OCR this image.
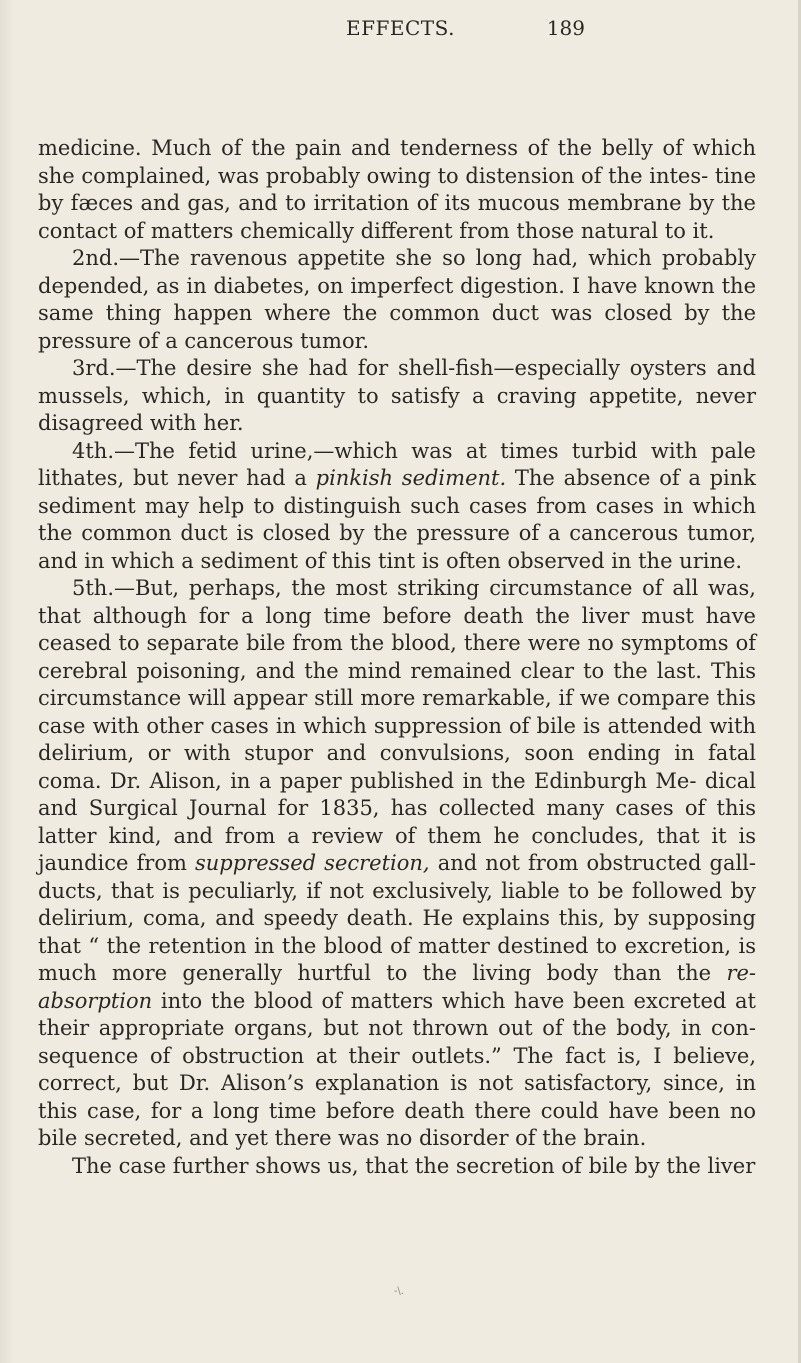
EFFECTS.	189

medicine. Much of the pain and tenderness of the belly of which she complained, was probably owing to distension of the intes- tine by fæces and gas, and to irritation of its mucous membrane by the contact of matters chemically different from those natural to it.

2nd.—The ravenous appetite she so long had, which probably depended, as in diabetes, on imperfect digestion. I have known the same thing happen where the common duct was closed by the pressure of a cancerous tumor.

3rd.—The desire she had for shell-fish—especially oysters and mussels, which, in quantity to satisfy a craving appetite, never disagreed with her.

4th.—The fetid urine,—which was at times turbid with pale lithates, but never had a pinkish sediment. The absence of a pink sediment may help to distinguish such cases from cases in which the common duct is closed by the pressure of a cancerous tumor, and in which a sediment of this tint is often observed in the urine.

5th.—But, perhaps, the most striking circumstance of all was, that although for a long time before death the liver must have ceased to separate bile from the blood, there were no symptoms of cerebral poisoning, and the mind remained clear to the last. This circumstance will appear still more remarkable, if we compare this case with other cases in which suppression of bile is attended with delirium, or with stupor and convulsions, soon ending in fatal coma. Dr. Alison, in a paper published in the Edinburgh Me- dical and Surgical Journal for 1835, has collected many cases of this latter kind, and from a review of them he concludes, that it is jaundice from suppressed secretion, and not from obstructed gall- ducts, that is peculiarly, if not exclusively, liable to be followed by delirium, coma, and speedy death. He explains this, by supposing that “ the retention in the blood of matter destined to excretion, is much more generally hurtful to the living body than the re- absorption into the blood of matters which have been excreted at their appropriate organs, but not thrown out of the body, in con- sequence of obstruction at their outlets.” The fact is, I believe, correct, but Dr. Alison’s explanation is not satisfactory, since, in this case, for a long time before death there could have been no bile secreted, and yet there was no disorder of the brain.

The case further shows us, that the secretion of bile by the liver

-\.
